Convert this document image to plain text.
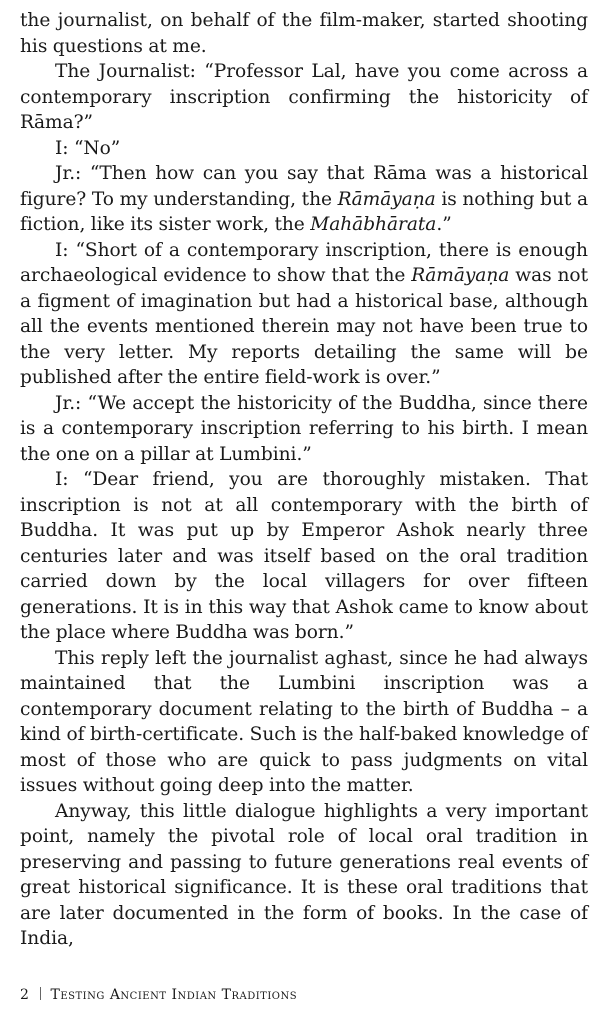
the journalist, on behalf of the film-maker, started shooting his questions at me.

The Journalist: “Professor Lal, have you come across a contemporary inscription confirming the historicity of Rāma?”

I: “No”

Jr.: “Then how can you say that Rāma was a historical figure? To my understanding, the Rāmāyaṇa is nothing but a fiction, like its sister work, the Mahābhārata.”

I: “Short of a contemporary inscription, there is enough archaeological evidence to show that the Rāmāyaṇa was not a figment of imagination but had a historical base, although all the events mentioned therein may not have been true to the very letter. My reports detailing the same will be published after the entire field-work is over.”

Jr.: “We accept the historicity of the Buddha, since there is a contemporary inscription referring to his birth. I mean the one on a pillar at Lumbini.”

I: “Dear friend, you are thoroughly mistaken. That inscription is not at all contemporary with the birth of Buddha. It was put up by Emperor Ashok nearly three centuries later and was itself based on the oral tradition carried down by the local villagers for over fifteen generations. It is in this way that Ashok came to know about the place where Buddha was born.”

This reply left the journalist aghast, since he had always maintained that the Lumbini inscription was a contemporary document relating to the birth of Buddha – a kind of birth-certificate. Such is the half-baked knowledge of most of those who are quick to pass judgments on vital issues without going deep into the matter.

Anyway, this little dialogue highlights a very important point, namely the pivotal role of local oral tradition in preserving and passing to future generations real events of great historical significance. It is these oral traditions that are later documented in the form of books. In the case of India,

2 Testing Ancient Indian Traditions
